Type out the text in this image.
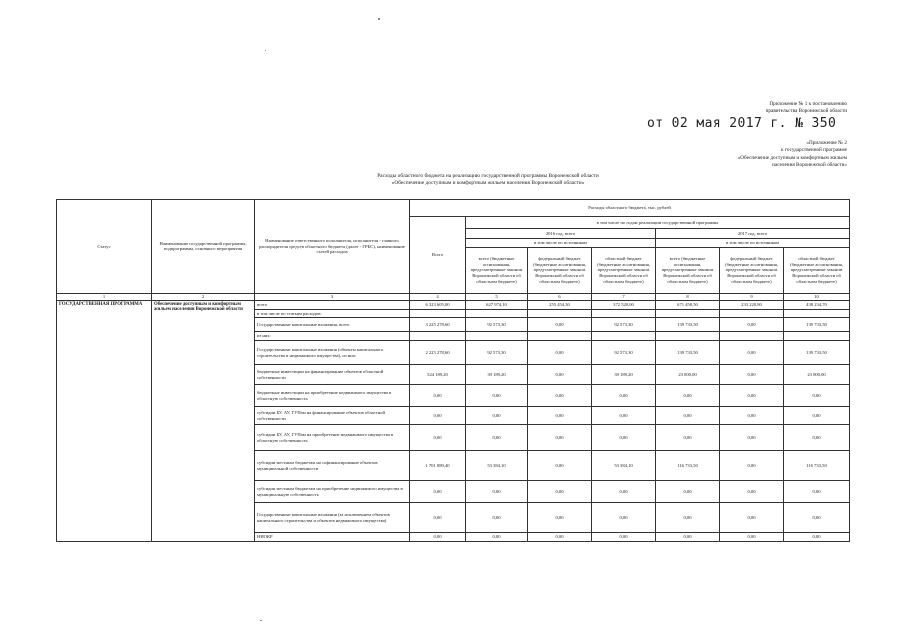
Приложение № 1 к постановлению
правительства Воронежской области
от 02 мая 2017 г. № 350
«Приложение № 2
к государственной программе
«Обеспечение доступным и комфортным жильем
населения Воронежской области»
Расходы областного бюджета на реализацию государственной программы Воронежской области
«Обеспечение доступным и комфортным жильем населения Воронежской области»
Статус	Наименование государственной программы, подпрограммы, основного мероприятия	Наименование ответственного исполнителя, исполнителя - главного распорядителя средств областного бюджета (далее - ГРБС), наименование статей расходов	Расходы областного бюджета, тыс. рублей						
			Всего	в том числе по годам реализации государственной программы					
				2016 год, всего			2017 год, всего		
				в том числе по источникам			в том числе по источникам		
				всего (бюджетные ассигнования, предусмотренные законом Воронежской области об областном бюджете)	федеральный бюджет (бюджетные ассигнования, предусмотренные законом Воронежской области об областном бюджете)	областной бюджет (бюджетные ассигнования, предусмотренные законом Воронежской области об областном бюджете)	всего (бюджетные ассигнования, предусмотренные законом Воронежской области об областном бюджете)	федеральный бюджет (бюджетные ассигнования, предусмотренные законом Воронежской области об областном бюджете)	областной бюджет (бюджетные ассигнования, предусмотренные законом Воронежской области об областном бюджете)
1	2	3	4	5	6	7	8	9	10
ГОСУДАРСТВЕННАЯ ПРОГРАММА	Обеспечение доступным и комфортным жильем населения Воронежской области	всего	6 323 605,00	627 974,10	255 454,30	372 520,00	671 458,50	233 220,80	438 234,70
		в том числе по статьям расходов:							
		Государственные капитальные вложения, всего	3 225 278,60	92 573,30	0,00	92 573,30	139 733,50	0,00	139 733,50
		из них:							
		Государственные капитальные вложения (объекты капитального строительства и недвижимого имущества), из них:	2 225 278,60	92 573,30	0,00	92 573,30	139 733,50	0,00	139 733,50
		бюджетные инвестиции на финансирование объектов областной собственности	524 189,20	39 189,20	0,00	39 189,20	23 000,00	0,00	23 000,00
		бюджетные инвестиции на приобретение недвижимого имущества в областную собственность	0,00	0,00	0,00	0,00	0,00	0,00	0,00
		субсидии БУ, АУ, ГУПам на финансирование объектов областной собственности	0,00	0,00	0,00	0,00	0,00	0,00	0,00
		субсидии БУ, АУ, ГУПам на приобретение недвижимого имущества в областную собственность	0,00	0,00	0,00	0,00	0,00	0,00	0,00
		субсидии местным бюджетам на софинансирование объектов муниципальной собственности	1 701 089,40	53 384,10	0,00	53 384,10	116 733,50	0,00	116 733,50
		субсидии местным бюджетам на приобретение недвижимого имущества в муниципальную собственность	0,00	0,00	0,00	0,00	0,00	0,00	0,00
		Государственные капитальные вложения (за исключением объектов капитального строительства и объектов недвижимого имущества)	0,00	0,00	0,00	0,00	0,00	0,00	0,00
		НИОКР	0,00	0,00	0,00	0,00	0,00	0,00	0,00
